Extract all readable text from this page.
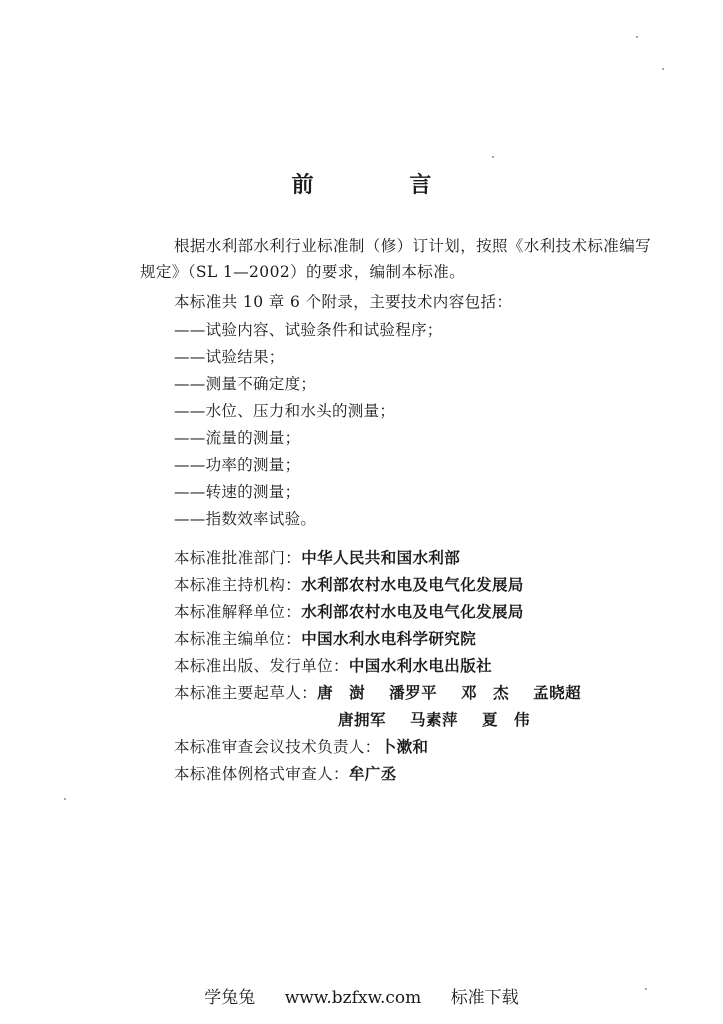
前 言
根据水利部水利行业标准制（修）订计划，按照《水利技术标准编写规定》（SL 1—2002）的要求，编制本标准。
本标准共 10 章 6 个附录，主要技术内容包括：
——试验内容、试验条件和试验程序；
——试验结果；
——测量不确定度；
——水位、压力和水头的测量；
——流量的测量；
——功率的测量；
——转速的测量；
——指数效率试验。
本标准批准部门：中华人民共和国水利部
本标准主持机构：水利部农村水电及电气化发展局
本标准解释单位：水利部农村水电及电气化发展局
本标准主编单位：中国水利水电科学研究院
本标准出版、发行单位：中国水利水电出版社
本标准主要起草人：唐　澍 潘罗平 邓　杰 孟晓超
唐拥军 马素萍 夏　伟
本标准审查会议技术负责人：卜漱和
本标准体例格式审查人：牟广丞
学兔兔 www.bzfxw.com 标准下载
